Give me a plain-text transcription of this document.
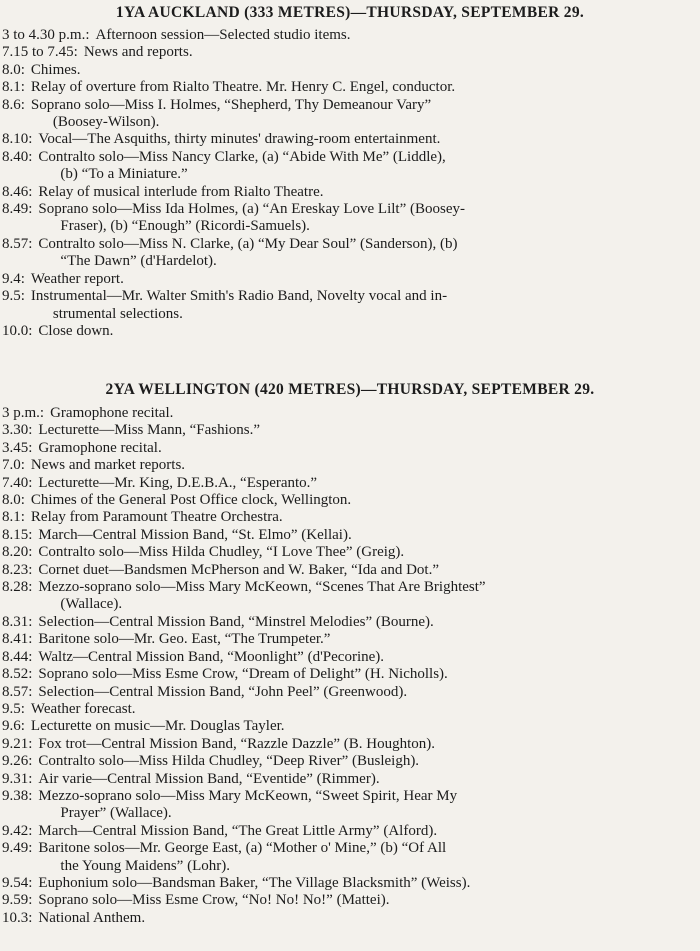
1YA AUCKLAND (333 METRES)—THURSDAY, SEPTEMBER 29.
3 to 4.30 p.m.: Afternoon session—Selected studio items.
7.15 to 7.45: News and reports.
8.0: Chimes.
8.1: Relay of overture from Rialto Theatre. Mr. Henry C. Engel, conductor.
8.6: Soprano solo—Miss I. Holmes, “Shepherd, Thy Demeanour Vary”
(Boosey-Wilson).
8.10: Vocal—The Asquiths, thirty minutes' drawing-room entertainment.
8.40: Contralto solo—Miss Nancy Clarke, (a) “Abide With Me” (Liddle),
(b) “To a Miniature.”
8.46: Relay of musical interlude from Rialto Theatre.
8.49: Soprano solo—Miss Ida Holmes, (a) “An Ereskay Love Lilt” (Boosey-
Fraser), (b) “Enough” (Ricordi-Samuels).
8.57: Contralto solo—Miss N. Clarke, (a) “My Dear Soul” (Sanderson), (b)
“The Dawn” (d'Hardelot).
9.4: Weather report.
9.5: Instrumental—Mr. Walter Smith's Radio Band, Novelty vocal and in-
strumental selections.
10.0: Close down.
2YA WELLINGTON (420 METRES)—THURSDAY, SEPTEMBER 29.
3 p.m.: Gramophone recital.
3.30: Lecturette—Miss Mann, “Fashions.”
3.45: Gramophone recital.
7.0: News and market reports.
7.40: Lecturette—Mr. King, D.E.B.A., “Esperanto.”
8.0: Chimes of the General Post Office clock, Wellington.
8.1: Relay from Paramount Theatre Orchestra.
8.15: March—Central Mission Band, “St. Elmo” (Kellai).
8.20: Contralto solo—Miss Hilda Chudley, “I Love Thee” (Greig).
8.23: Cornet duet—Bandsmen McPherson and W. Baker, “Ida and Dot.”
8.28: Mezzo-soprano solo—Miss Mary McKeown, “Scenes That Are Brightest”
(Wallace).
8.31: Selection—Central Mission Band, “Minstrel Melodies” (Bourne).
8.41: Baritone solo—Mr. Geo. East, “The Trumpeter.”
8.44: Waltz—Central Mission Band, “Moonlight” (d'Pecorine).
8.52: Soprano solo—Miss Esme Crow, “Dream of Delight” (H. Nicholls).
8.57: Selection—Central Mission Band, “John Peel” (Greenwood).
9.5: Weather forecast.
9.6: Lecturette on music—Mr. Douglas Tayler.
9.21: Fox trot—Central Mission Band, “Razzle Dazzle” (B. Houghton).
9.26: Contralto solo—Miss Hilda Chudley, “Deep River” (Busleigh).
9.31: Air varie—Central Mission Band, “Eventide” (Rimmer).
9.38: Mezzo-soprano solo—Miss Mary McKeown, “Sweet Spirit, Hear My
Prayer” (Wallace).
9.42: March—Central Mission Band, “The Great Little Army” (Alford).
9.49: Baritone solos—Mr. George East, (a) “Mother o' Mine,” (b) “Of All
the Young Maidens” (Lohr).
9.54: Euphonium solo—Bandsman Baker, “The Village Blacksmith” (Weiss).
9.59: Soprano solo—Miss Esme Crow, “No! No! No!” (Mattei).
10.3: National Anthem.
